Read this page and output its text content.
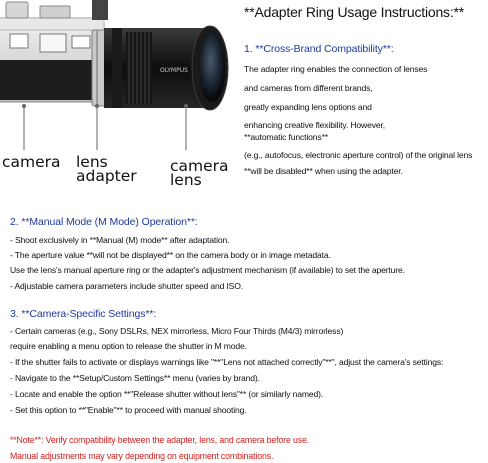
OLYMPUS
camera lens
adapter
camera
lens
**Adapter Ring Usage Instructions:**
1. **Cross-Brand Compatibility**:
The adapter ring enables the connection of lenses
and cameras from different brands,
greatly expanding lens options and
enhancing creative flexibility. However,
**automatic functions**
(e.g., autofocus, electronic aperture control) of the original lens
**will be disabled** when using the adapter.
2. **Manual Mode (M Mode) Operation**:
- Shoot exclusively in **Manual (M) mode** after adaptation.
- The aperture value **will not be displayed** on the camera body or in image metadata.
Use the lens's manual aperture ring or the adapter's adjustment mechanism (if available) to set the aperture.
- Adjustable camera parameters include shutter speed and ISO.
3. **Camera-Specific Settings**:
- Certain cameras (e.g., Sony DSLRs, NEX mirrorless, Micro Four Thirds (M4/3) mirrorless)
require enabling a menu option to release the shutter in M mode.
- If the shutter fails to activate or displays warnings like "**"Lens not attached correctly"**", adjust the camera's settings:
- Navigate to the **Setup/Custom Settings** menu (varies by brand).
- Locate and enable the option **"Release shutter without lens"** (or similarly named).
- Set this option to **"Enable"** to proceed with manual shooting.
**Note**: Verify compatibility between the adapter, lens, and camera before use.
Manual adjustments may vary depending on equipment combinations.
